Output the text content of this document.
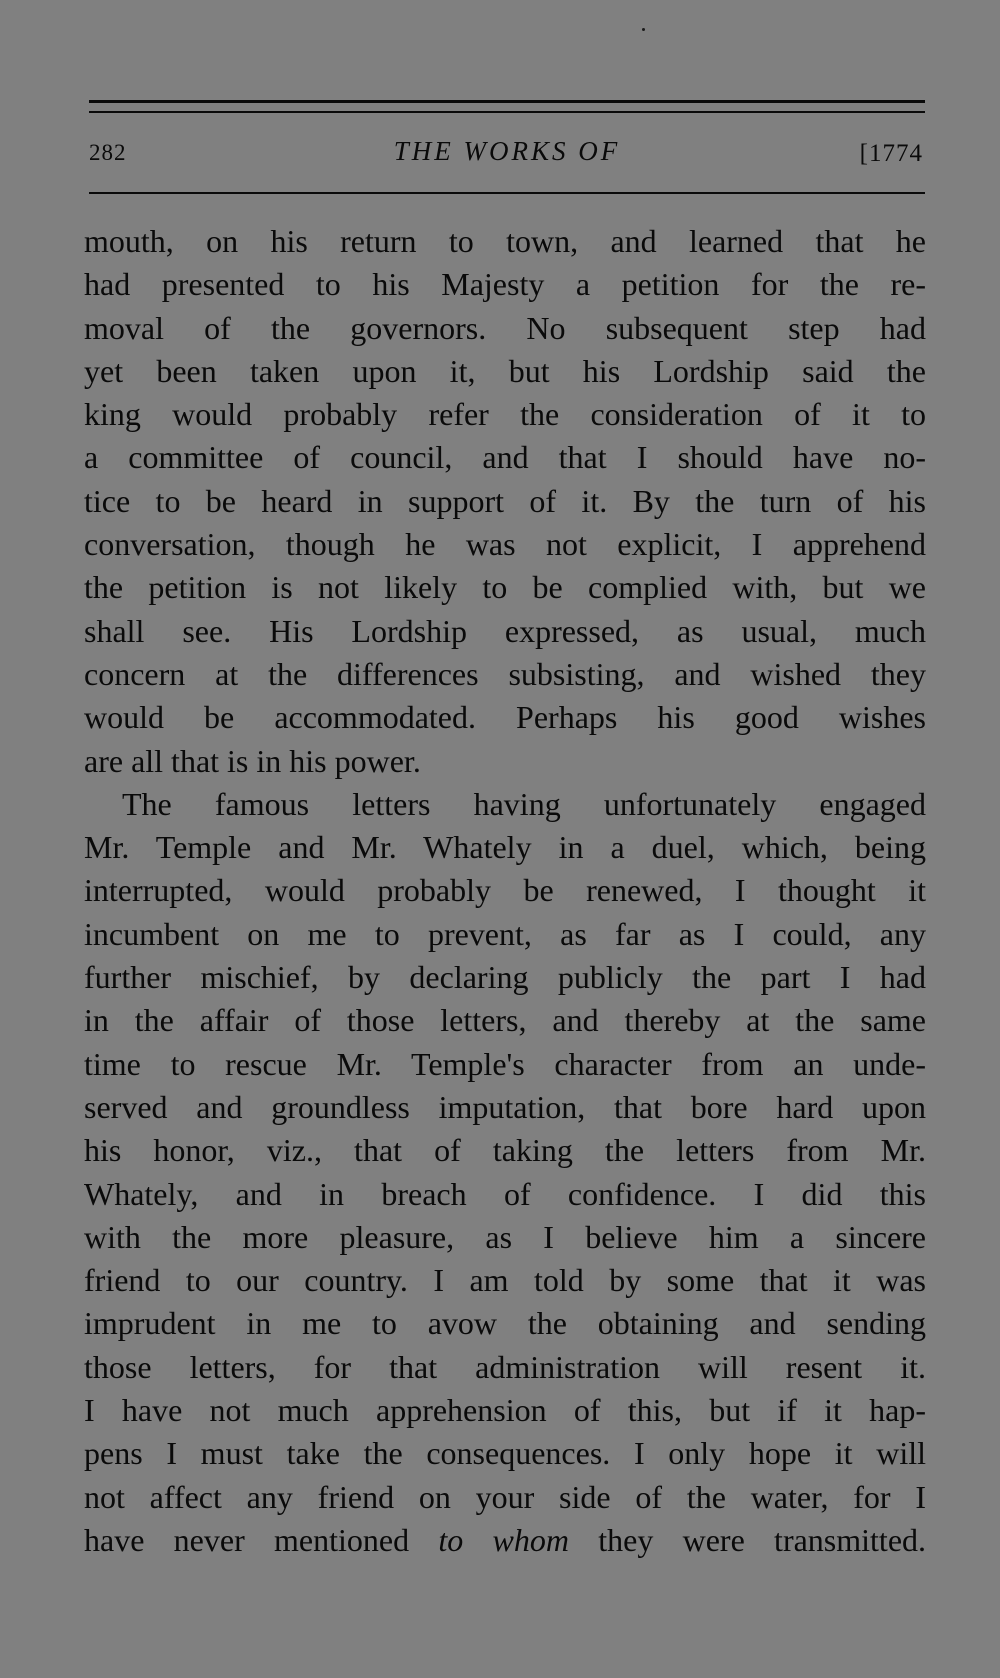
282	THE WORKS OF	[1774
mouth, on his return to town, and learned that he
had presented to his Majesty a petition for the re-
moval of the governors. No subsequent step had
yet been taken upon it, but his Lordship said the
king would probably refer the consideration of it to
a committee of council, and that I should have no-
tice to be heard in support of it. By the turn of his
conversation, though he was not explicit, I apprehend
the petition is not likely to be complied with, but we
shall see. His Lordship expressed, as usual, much
concern at the differences subsisting, and wished they
would be accommodated. Perhaps his good wishes
are all that is in his power.
The famous letters having unfortunately engaged
Mr. Temple and Mr. Whately in a duel, which, being
interrupted, would probably be renewed, I thought it
incumbent on me to prevent, as far as I could, any
further mischief, by declaring publicly the part I had
in the affair of those letters, and thereby at the same
time to rescue Mr. Temple's character from an unde-
served and groundless imputation, that bore hard upon
his honor, viz., that of taking the letters from Mr.
Whately, and in breach of confidence. I did this
with the more pleasure, as I believe him a sincere
friend to our country. I am told by some that it was
imprudent in me to avow the obtaining and sending
those letters, for that administration will resent it.
I have not much apprehension of this, but if it hap-
pens I must take the consequences. I only hope it will
not affect any friend on your side of the water, for I
have never mentioned to whom they were transmitted.
